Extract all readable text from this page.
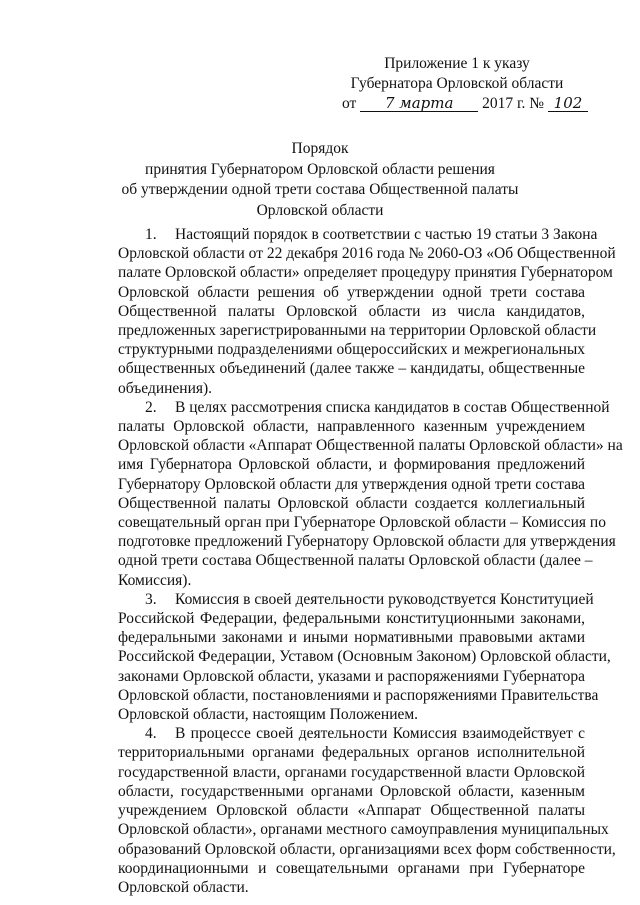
Приложение 1 к указу
Губернатора Орловской области
от 7 марта 2017 г. № 102
Порядок
принятия Губернатором Орловской области решения
об утверждении одной трети состава Общественной палаты
Орловской области
1. Настоящий порядок в соответствии с частью 19 статьи 3 Закона
Орловской области от 22 декабря 2016 года № 2060-ОЗ «Об Общественной
палате Орловской области» определяет процедуру принятия Губернатором
Орловской области решения об утверждении одной трети состава
Общественной палаты Орловской области из числа кандидатов,
предложенных зарегистрированными на территории Орловской области
структурными подразделениями общероссийских и межрегиональных
общественных объединений (далее также – кандидаты, общественные
объединения).
2. В целях рассмотрения списка кандидатов в состав Общественной
палаты Орловской области, направленного казенным учреждением
Орловской области «Аппарат Общественной палаты Орловской области» на
имя Губернатора Орловской области, и формирования предложений
Губернатору Орловской области для утверждения одной трети состава
Общественной палаты Орловской области создается коллегиальный
совещательный орган при Губернаторе Орловской области – Комиссия по
подготовке предложений Губернатору Орловской области для утверждения
одной трети состава Общественной палаты Орловской области (далее –
Комиссия).
3. Комиссия в своей деятельности руководствуется Конституцией
Российской Федерации, федеральными конституционными законами,
федеральными законами и иными нормативными правовыми актами
Российской Федерации, Уставом (Основным Законом) Орловской области,
законами Орловской области, указами и распоряжениями Губернатора
Орловской области, постановлениями и распоряжениями Правительства
Орловской области, настоящим Положением.
4. В процессе своей деятельности Комиссия взаимодействует с
территориальными органами федеральных органов исполнительной
государственной власти, органами государственной власти Орловской
области, государственными органами Орловской области, казенным
учреждением Орловской области «Аппарат Общественной палаты
Орловской области», органами местного самоуправления муниципальных
образований Орловской области, организациями всех форм собственности,
координационными и совещательными органами при Губернаторе
Орловской области.
